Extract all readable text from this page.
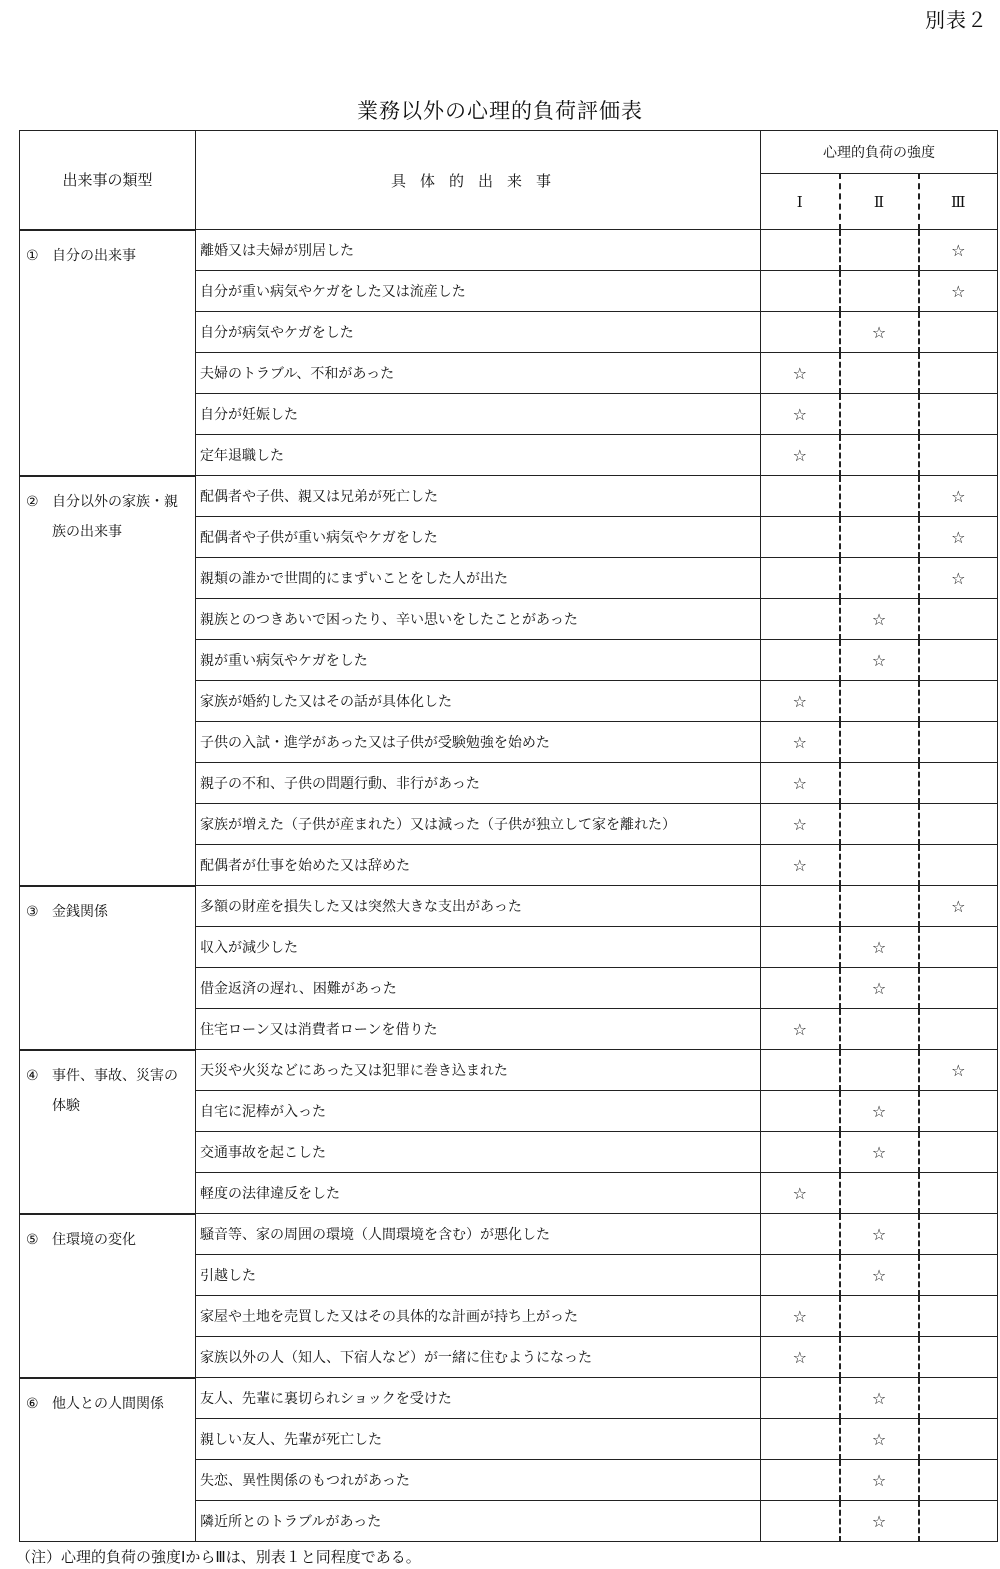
別表２
業務以外の心理的負荷評価表
出来事の類型	具体的出来事	心理的負荷の強度		
		Ⅰ	Ⅱ	Ⅲ
① 自分の出来事	離婚又は夫婦が別居した			☆
	自分が重い病気やケガをした又は流産した			☆
	自分が病気やケガをした		☆	
	夫婦のトラブル、不和があった	☆		
	自分が妊娠した	☆		
	定年退職した	☆		
② 自分以外の家族・親族の出来事	配偶者や子供、親又は兄弟が死亡した			☆
	配偶者や子供が重い病気やケガをした			☆
	親類の誰かで世間的にまずいことをした人が出た			☆
	親族とのつきあいで困ったり、辛い思いをしたことがあった		☆	
	親が重い病気やケガをした		☆	
	家族が婚約した又はその話が具体化した	☆		
	子供の入試・進学があった又は子供が受験勉強を始めた	☆		
	親子の不和、子供の問題行動、非行があった	☆		
	家族が増えた（子供が産まれた）又は減った（子供が独立して家を離れた）	☆		
	配偶者が仕事を始めた又は辞めた	☆		
③ 金銭関係	多額の財産を損失した又は突然大きな支出があった			☆
	収入が減少した		☆	
	借金返済の遅れ、困難があった		☆	
	住宅ローン又は消費者ローンを借りた	☆		
④ 事件、事故、災害の体験	天災や火災などにあった又は犯罪に巻き込まれた			☆
	自宅に泥棒が入った		☆	
	交通事故を起こした		☆	
	軽度の法律違反をした	☆		
⑤ 住環境の変化	騒音等、家の周囲の環境（人間環境を含む）が悪化した		☆	
	引越した		☆	
	家屋や土地を売買した又はその具体的な計画が持ち上がった	☆		
	家族以外の人（知人、下宿人など）が一緒に住むようになった	☆		
⑥ 他人との人間関係	友人、先輩に裏切られショックを受けた		☆	
	親しい友人、先輩が死亡した		☆	
	失恋、異性関係のもつれがあった		☆	
	隣近所とのトラブルがあった		☆	
（注）心理的負荷の強度ⅠからⅢは、別表１と同程度である。
